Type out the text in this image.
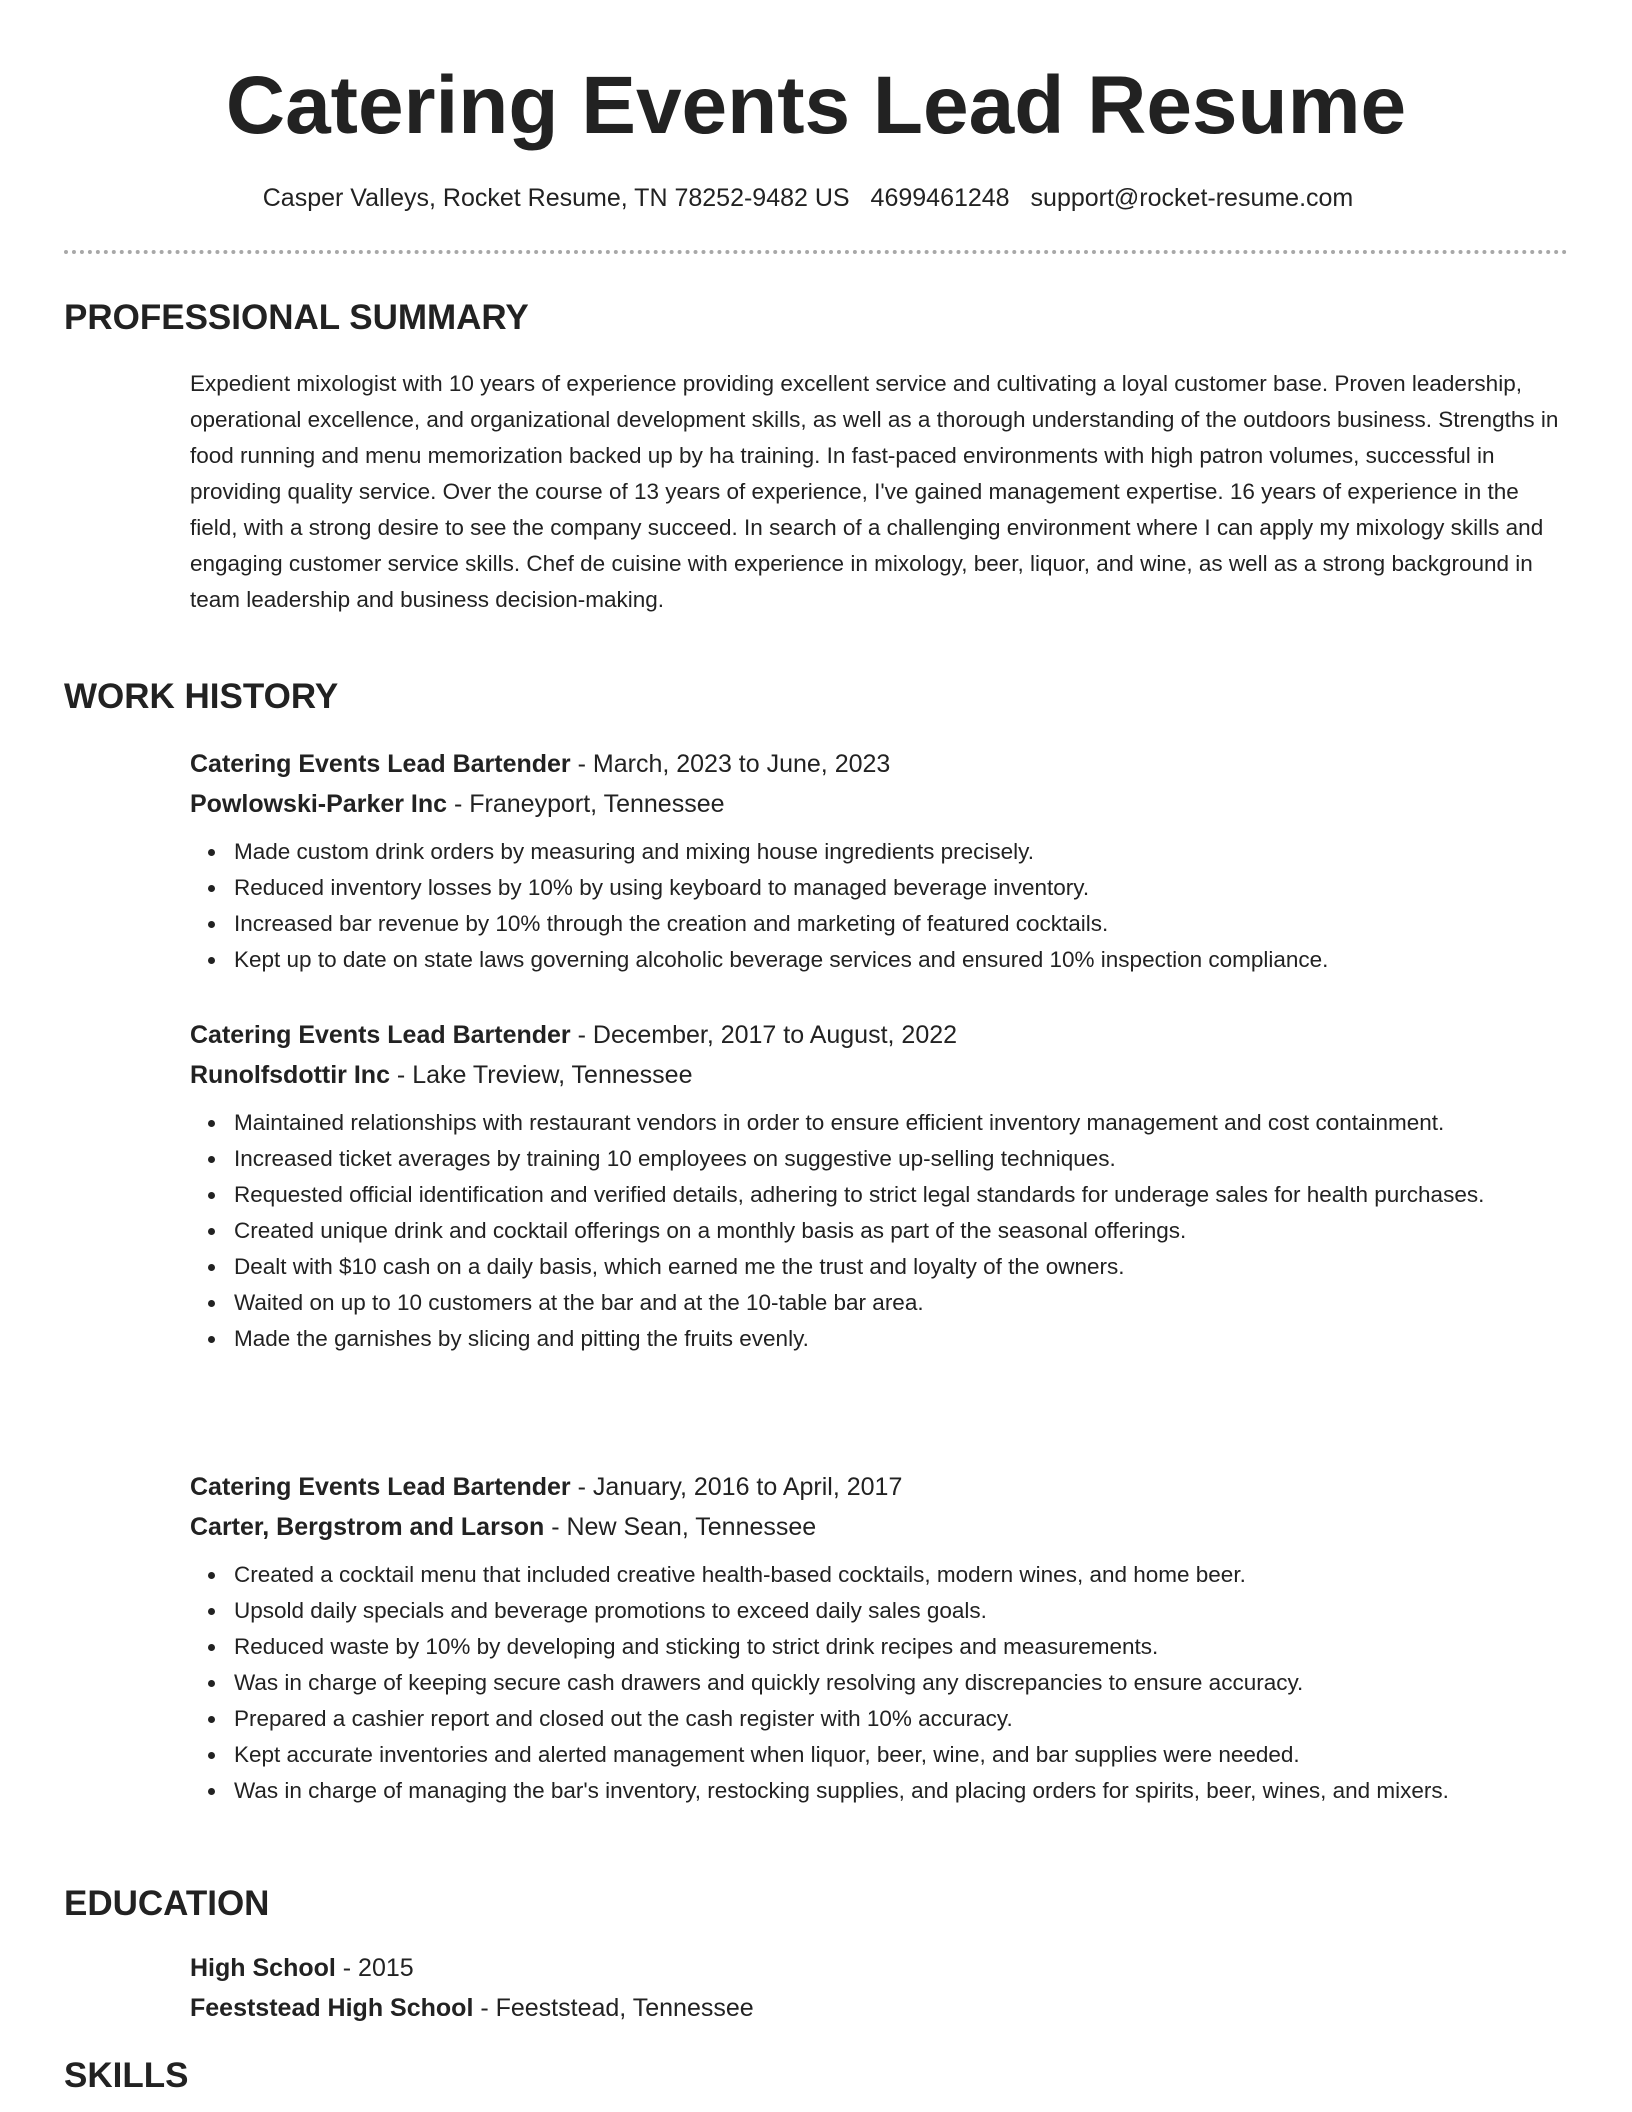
Catering Events Lead Resume
Casper Valleys, Rocket Resume, TN 78252-9482 US 4699461248 support@rocket-resume.com
PROFESSIONAL SUMMARY

Expedient mixologist with 10 years of experience providing excellent service and cultivating a loyal customer base. Proven leadership, operational excellence, and organizational development skills, as well as a thorough understanding of the outdoors business. Strengths in food running and menu memorization backed up by ha training. In fast-paced environments with high patron volumes, successful in providing quality service. Over the course of 13 years of experience, I've gained management expertise. 16 years of experience in the field, with a strong desire to see the company succeed. In search of a challenging environment where I can apply my mixology skills and engaging customer service skills. Chef de cuisine with experience in mixology, beer, liquor, and wine, as well as a strong background in team leadership and business decision-making.

WORK HISTORY
Catering Events Lead Bartender - March, 2023 to June, 2023
Powlowski-Parker Inc - Franeyport, Tennessee
Made custom drink orders by measuring and mixing house ingredients precisely.
Reduced inventory losses by 10% by using keyboard to managed beverage inventory.
Increased bar revenue by 10% through the creation and marketing of featured cocktails.
Kept up to date on state laws governing alcoholic beverage services and ensured 10% inspection compliance.
Catering Events Lead Bartender - December, 2017 to August, 2022
Runolfsdottir Inc - Lake Treview, Tennessee
Maintained relationships with restaurant vendors in order to ensure efficient inventory management and cost containment.
Increased ticket averages by training 10 employees on suggestive up-selling techniques.
Requested official identification and verified details, adhering to strict legal standards for underage sales for health purchases.
Created unique drink and cocktail offerings on a monthly basis as part of the seasonal offerings.
Dealt with $10 cash on a daily basis, which earned me the trust and loyalty of the owners.
Waited on up to 10 customers at the bar and at the 10-table bar area.
Made the garnishes by slicing and pitting the fruits evenly.
Catering Events Lead Bartender - January, 2016 to April, 2017
Carter, Bergstrom and Larson - New Sean, Tennessee
Created a cocktail menu that included creative health-based cocktails, modern wines, and home beer.
Upsold daily specials and beverage promotions to exceed daily sales goals.
Reduced waste by 10% by developing and sticking to strict drink recipes and measurements.
Was in charge of keeping secure cash drawers and quickly resolving any discrepancies to ensure accuracy.
Prepared a cashier report and closed out the cash register with 10% accuracy.
Kept accurate inventories and alerted management when liquor, beer, wine, and bar supplies were needed.
Was in charge of managing the bar's inventory, restocking supplies, and placing orders for spirits, beer, wines, and mixers.
EDUCATION
High School - 2015
Feeststead High School - Feeststead, Tennessee
SKILLS
